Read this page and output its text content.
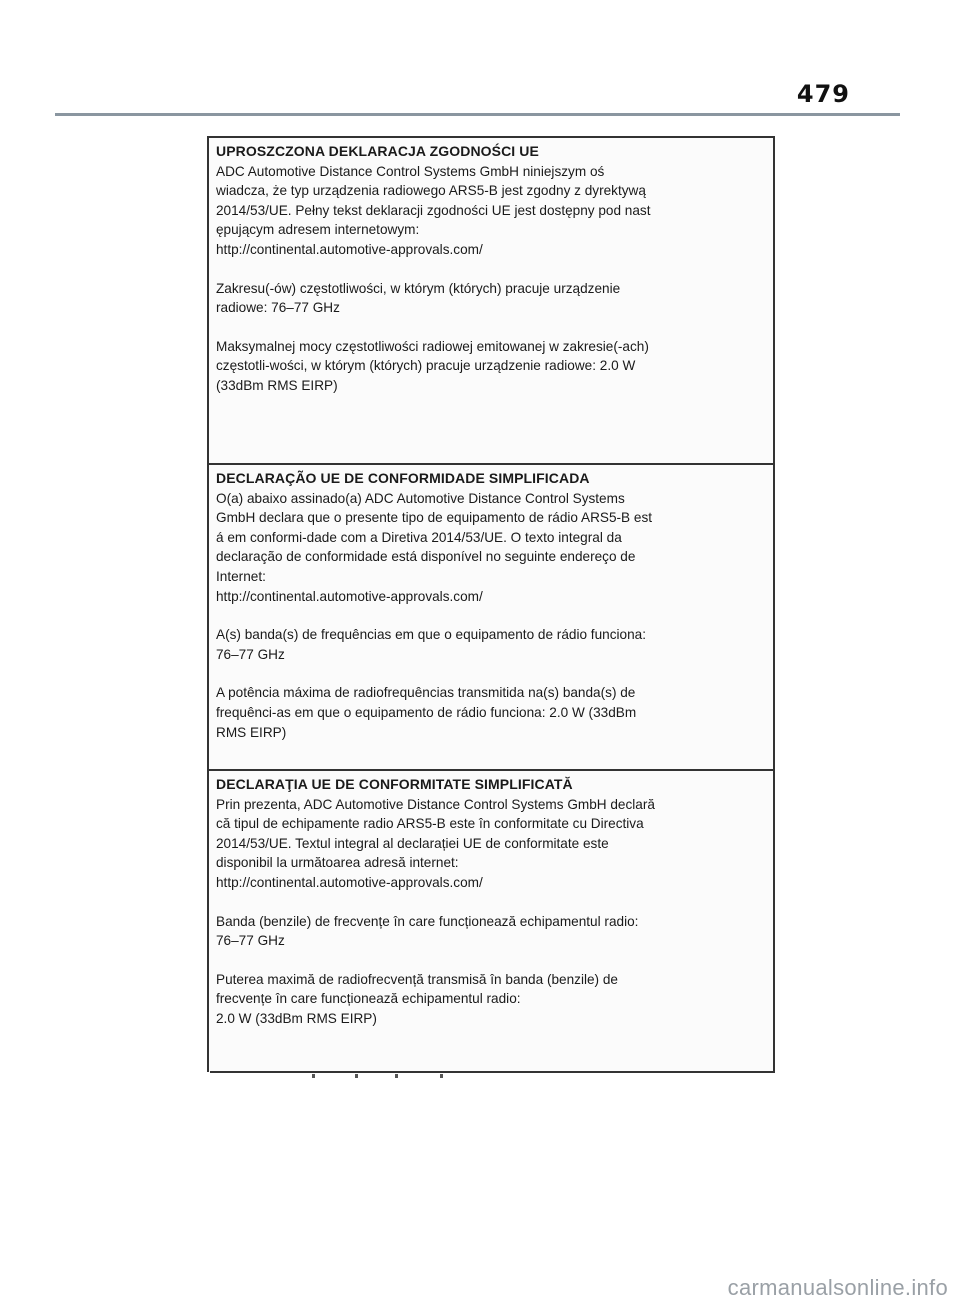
479

UPROSZCZONA DEKLARACJA ZGODNOŚCI UE

ADC Automotive Distance Control Systems GmbH niniejszym oś
wiadcza, że typ urządzenia radiowego ARS5-B jest zgodny z dyrektywą
2014/53/UE. Pełny tekst deklaracji zgodności UE jest dostępny pod nast
ępującym adresem internetowym:
http://continental.automotive-approvals.com/

Zakresu(-ów) częstotliwości, w którym (których) pracuje urządzenie
radiowe: 76–77 GHz

Maksymalnej mocy częstotliwości radiowej emitowanej w zakresie(-ach)
częstotli-wości, w którym (których) pracuje urządzenie radiowe: 2.0 W
(33dBm RMS EIRP)

DECLARAÇÃO UE DE CONFORMIDADE SIMPLIFICADA

O(a) abaixo assinado(a) ADC Automotive Distance Control Systems
GmbH declara que o presente tipo de equipamento de rádio ARS5-B est
á em conformi-dade com a Diretiva 2014/53/UE. O texto integral da
declaração de conformidade está disponível no seguinte endereço de
Internet:
http://continental.automotive-approvals.com/

A(s) banda(s) de frequências em que o equipamento de rádio funciona:
76–77 GHz

A potência máxima de radiofrequências transmitida na(s) banda(s) de
frequênci-as em que o equipamento de rádio funciona: 2.0 W (33dBm
RMS EIRP)

DECLARAŢIA UE DE CONFORMITATE SIMPLIFICATĂ

Prin prezenta, ADC Automotive Distance Control Systems GmbH declară
că tipul de echipamente radio ARS5-B este în conformitate cu Directiva
2014/53/UE. Textul integral al declarației UE de conformitate este
disponibil la următoarea adresă internet:
http://continental.automotive-approvals.com/

Banda (benzile) de frecvențe în care funcționează echipamentul radio:
76–77 GHz

Puterea maximă de radiofrecvență transmisă în banda (benzile) de
frecvențe în care funcționează echipamentul radio:
2.0 W (33dBm RMS EIRP)

carmanualsonline.info
